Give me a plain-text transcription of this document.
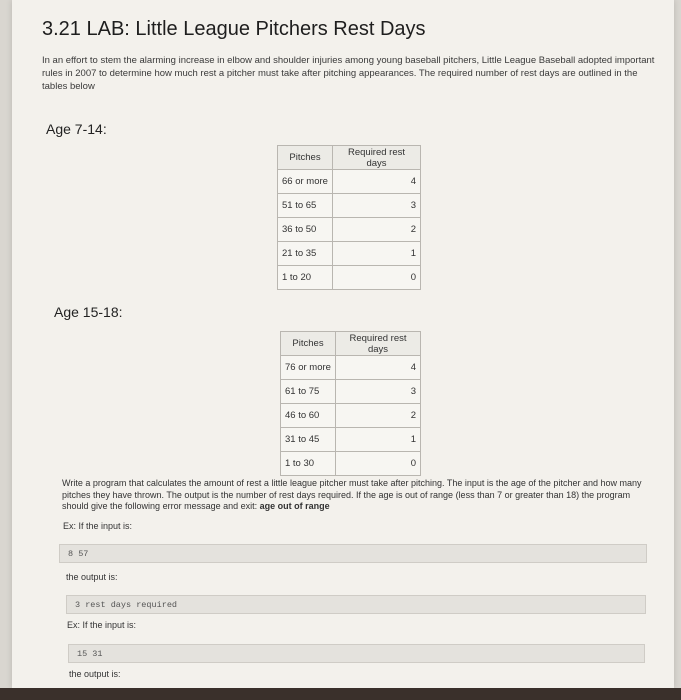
3.21 LAB: Little League Pitchers Rest Days
In an effort to stem the alarming increase in elbow and shoulder injuries among young baseball pitchers, Little League Baseball adopted important rules in 2007 to determine how much rest a pitcher must take after pitching appearances. The required number of rest days are outlined in the tables below
Age 7-14:
Pitches	Required rest days
66 or more	4
51 to 65	3
36 to 50	2
21 to 35	1
1 to 20	0
Age 15-18:
Pitches	Required rest days
76 or more	4
61 to 75	3
46 to 60	2
31 to 45	1
1 to 30	0
Write a program that calculates the amount of rest a little league pitcher must take after pitching. The input is the age of the pitcher and how many pitches they have thrown. The output is the number of rest days required. If the age is out of range (less than 7 or greater than 18) the program should give the following error message and exit: age out of range
Ex: If the input is:
8 57
the output is:
3 rest days required
Ex: If the input is:
15 31
the output is:
